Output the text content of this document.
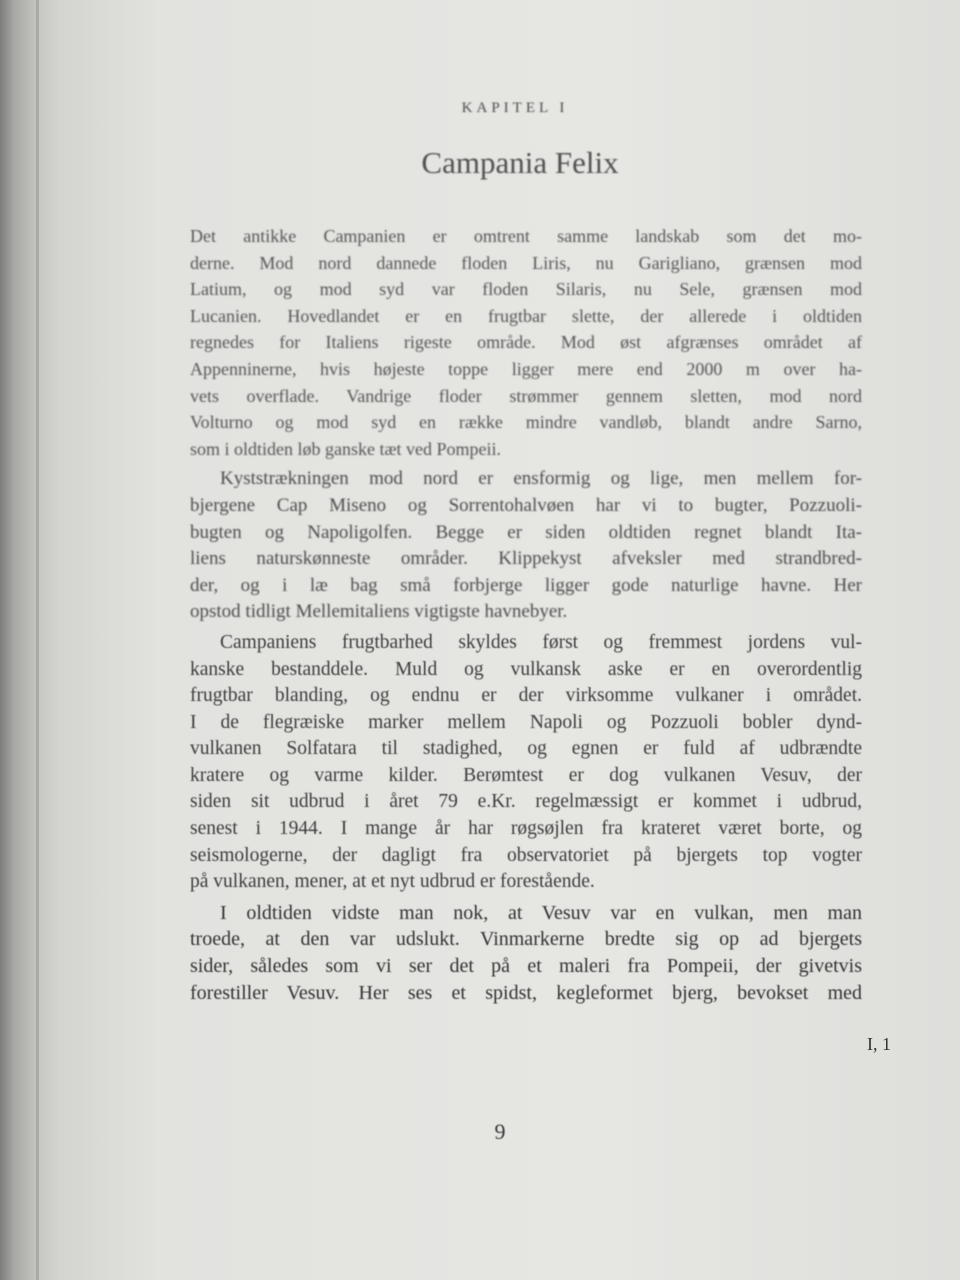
KAPITEL I
Campania Felix
Det antikke Campanien er omtrent samme landskab som det mo-
derne. Mod nord dannede floden Liris, nu Garigliano, grænsen mod
Latium, og mod syd var floden Silaris, nu Sele, grænsen mod
Lucanien. Hovedlandet er en frugtbar slette, der allerede i oldtiden
regnedes for Italiens rigeste område. Mod øst afgrænses området af
Appenninerne, hvis højeste toppe ligger mere end 2000 m over ha-
vets overflade. Vandrige floder strømmer gennem sletten, mod nord
Volturno og mod syd en række mindre vandløb, blandt andre Sarno,
som i oldtiden løb ganske tæt ved Pompeii.
Kyststrækningen mod nord er ensformig og lige, men mellem for-
bjergene Cap Miseno og Sorrentohalvøen har vi to bugter, Pozzuoli-
bugten og Napoligolfen. Begge er siden oldtiden regnet blandt Ita-
liens naturskønneste områder. Klippekyst afveksler med strandbred-
der, og i læ bag små forbjerge ligger gode naturlige havne. Her
opstod tidligt Mellemitaliens vigtigste havnebyer.
Campaniens frugtbarhed skyldes først og fremmest jordens vul-
kanske bestanddele. Muld og vulkansk aske er en overordentlig
frugtbar blanding, og endnu er der virksomme vulkaner i området.
I de flegræiske marker mellem Napoli og Pozzuoli bobler dynd-
vulkanen Solfatara til stadighed, og egnen er fuld af udbrændte
kratere og varme kilder. Berømtest er dog vulkanen Vesuv, der
siden sit udbrud i året 79 e.Kr. regelmæssigt er kommet i udbrud,
senest i 1944. I mange år har røgsøjlen fra krateret været borte, og
seismologerne, der dagligt fra observatoriet på bjergets top vogter
på vulkanen, mener, at et nyt udbrud er forestående.
I oldtiden vidste man nok, at Vesuv var en vulkan, men man
troede, at den var udslukt. Vinmarkerne bredte sig op ad bjergets
sider, således som vi ser det på et maleri fra Pompeii, der givetvis
forestiller Vesuv. Her ses et spidst, kegleformet bjerg, bevokset med
I, 1
9
